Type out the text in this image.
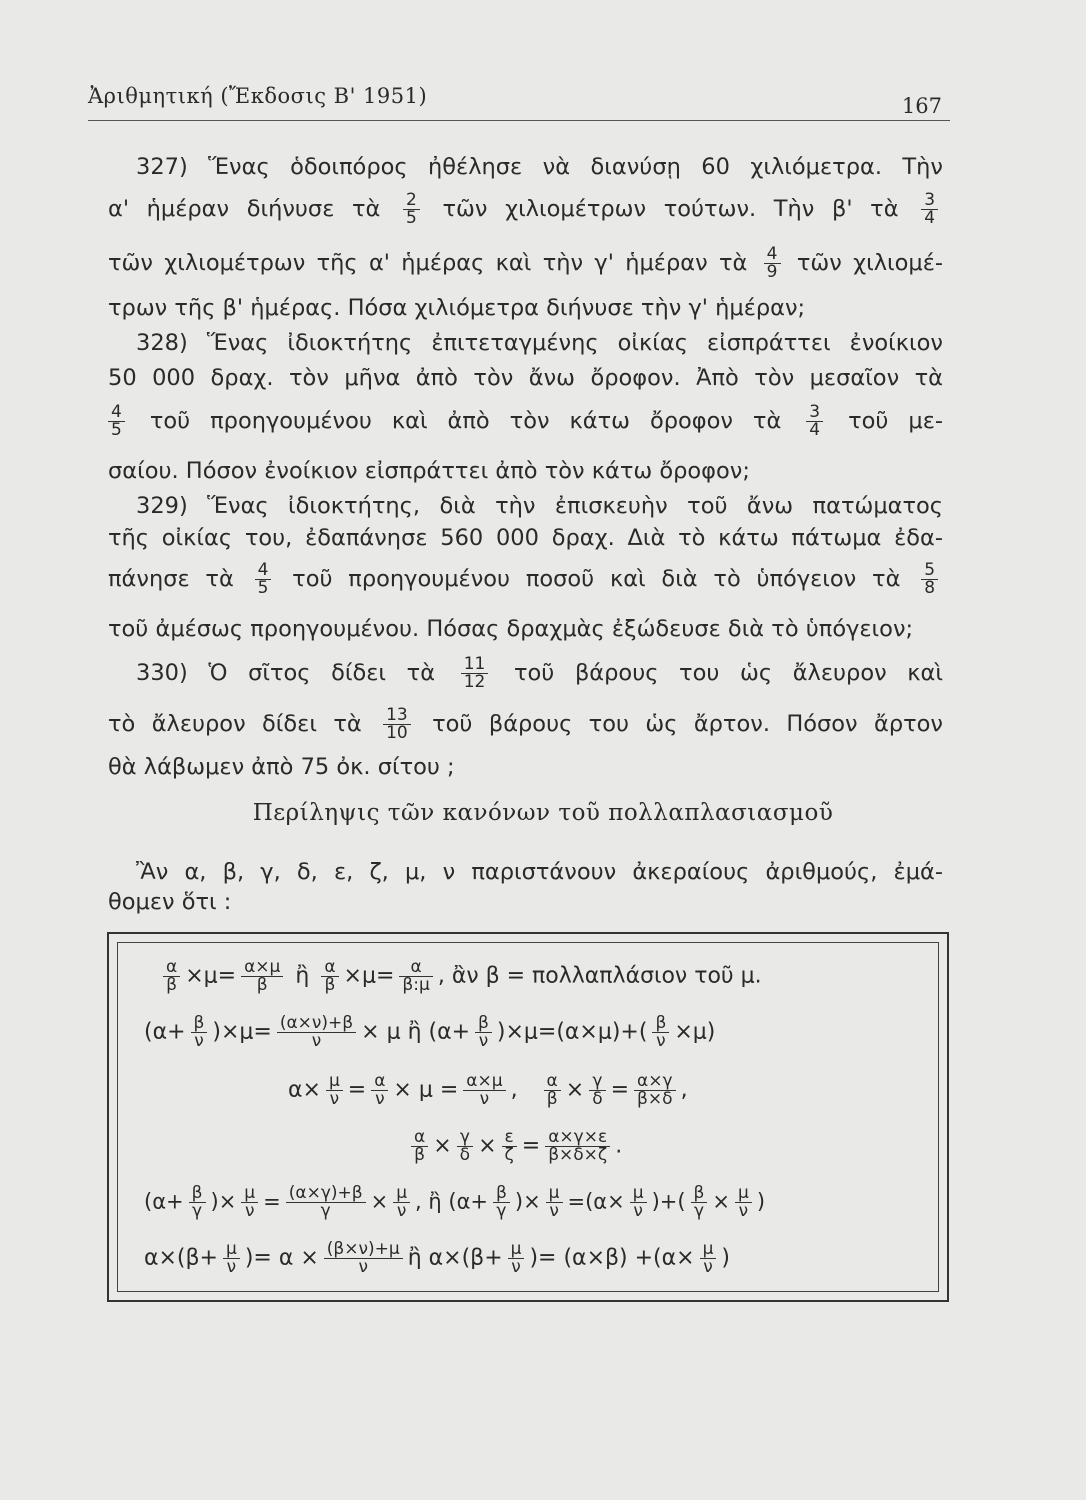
Ἀριθμητική (Ἔκδοσις Β' 1951)	167
327) Ἕνας ὁδοιπόρος ἠθέλησε νὰ διανύσῃ 60 χιλιόμετρα. Τὴν
α' ἡμέραν διήνυσε τὰ $\frac{2}{5}$ τῶν χιλιομέτρων τούτων. Τὴν β' τὰ $\frac{3}{4}$
τῶν χιλιομέτρων τῆς α' ἡμέρας καὶ τὴν γ' ἡμέραν τὰ $\frac{4}{9}$ τῶν χιλιομέ-
τρων τῆς β' ἡμέρας. Πόσα χιλιόμετρα διήνυσε τὴν γ' ἡμέραν;
328) Ἕνας ἰδιοκτήτης ἐπιτεταγμένης οἰκίας εἰσπράττει ἐνοίκιον
50 000 δραχ. τὸν μῆνα ἀπὸ τὸν ἄνω ὄροφον. Ἀπὸ τὸν μεσαῖον τὰ
$\frac{4}{5}$ τοῦ προηγουμένου καὶ ἀπὸ τὸν κάτω ὄροφον τὰ $\frac{3}{4}$ τοῦ με-
σαίου. Πόσον ἐνοίκιον εἰσπράττει ἀπὸ τὸν κάτω ὄροφον;
329) Ἕνας ἰδιοκτήτης, διὰ τὴν ἐπισκευὴν τοῦ ἄνω πατώματος
τῆς οἰκίας του, ἐδαπάνησε 560 000 δραχ. Διὰ τὸ κάτω πάτωμα ἐδα-
πάνησε τὰ $\frac{4}{5}$ τοῦ προηγουμένου ποσοῦ καὶ διὰ τὸ ὑπόγειον τὰ $\frac{5}{8}$
τοῦ ἀμέσως προηγουμένου. Πόσας δραχμὰς ἐξώδευσε διὰ τὸ ὑπόγειον;
330) Ὁ σῖτος δίδει τὰ $\frac{11}{12}$ τοῦ βάρους του ὡς ἄλευρον καὶ
τὸ ἄλευρον δίδει τὰ $\frac{13}{10}$ τοῦ βάρους του ὡς ἄρτον. Πόσον ἄρτον
θὰ λάβωμεν ἀπὸ 75 ὀκ. σίτου ;
Περίληψις τῶν κανόνων τοῦ πολλαπλασιασμοῦ
Ἂν α, β, γ, δ, ε, ζ, μ, ν παριστάνουν ἀκεραίους ἀριθμούς, ἐμά-
θομεν ὅτι :
$\frac{\alpha}{\beta} \times\mu= \frac{\alpha\times\mu}{\beta}$ ἢ $\frac{\alpha}{\beta} \times\mu= \frac{\alpha}{\beta:\mu}$ , ἂν β = πολλαπλάσιον τοῦ μ.
$(\alpha+ \frac{\beta}{\nu} )\times\mu= \frac{(\alpha\times\nu)+\beta}{\nu} \times \mu$ ἢ $(\alpha+ \frac{\beta}{\nu} )\times\mu=(\alpha\times\mu)+( \frac{\beta}{\nu} \times\mu)$
$\alpha\times \frac{\mu}{\nu} = \frac{\alpha}{\nu} \times \mu = \frac{\alpha\times\mu}{\nu}$ , $\frac{\alpha}{\beta} \times \frac{\gamma}{\delta} = \frac{\alpha\times\gamma}{\beta\times\delta}$ ,
$\frac{\alpha}{\beta} \times \frac{\gamma}{\delta} \times \frac{\varepsilon}{\zeta} = \frac{\alpha\times\gamma\times\varepsilon}{\beta\times\delta\times\zeta}$ .
($\alpha+ \frac{\beta}{\gamma}$ )× $\frac{\mu}{\nu} = \frac{(\alpha\times\gamma)+\beta}{\gamma} \times \frac{\mu}{\nu}$ , ἢ ($\alpha+ \frac{\beta}{\gamma}$ )× $\frac{\mu}{\nu} =(\alpha\times \frac{\mu}{\nu}$ )+( $\frac{\beta}{\gamma} \times \frac{\mu}{\nu}$ )
$\alpha\times(\beta+ \frac{\mu}{\nu}$ )= $\alpha \times \frac{(\beta\times\nu)+\mu}{\nu}$ ἢ $\alpha\times(\beta+ \frac{\mu}{\nu}$ )= $(\alpha\times\beta) +(\alpha\times \frac{\mu}{\nu}$ )
